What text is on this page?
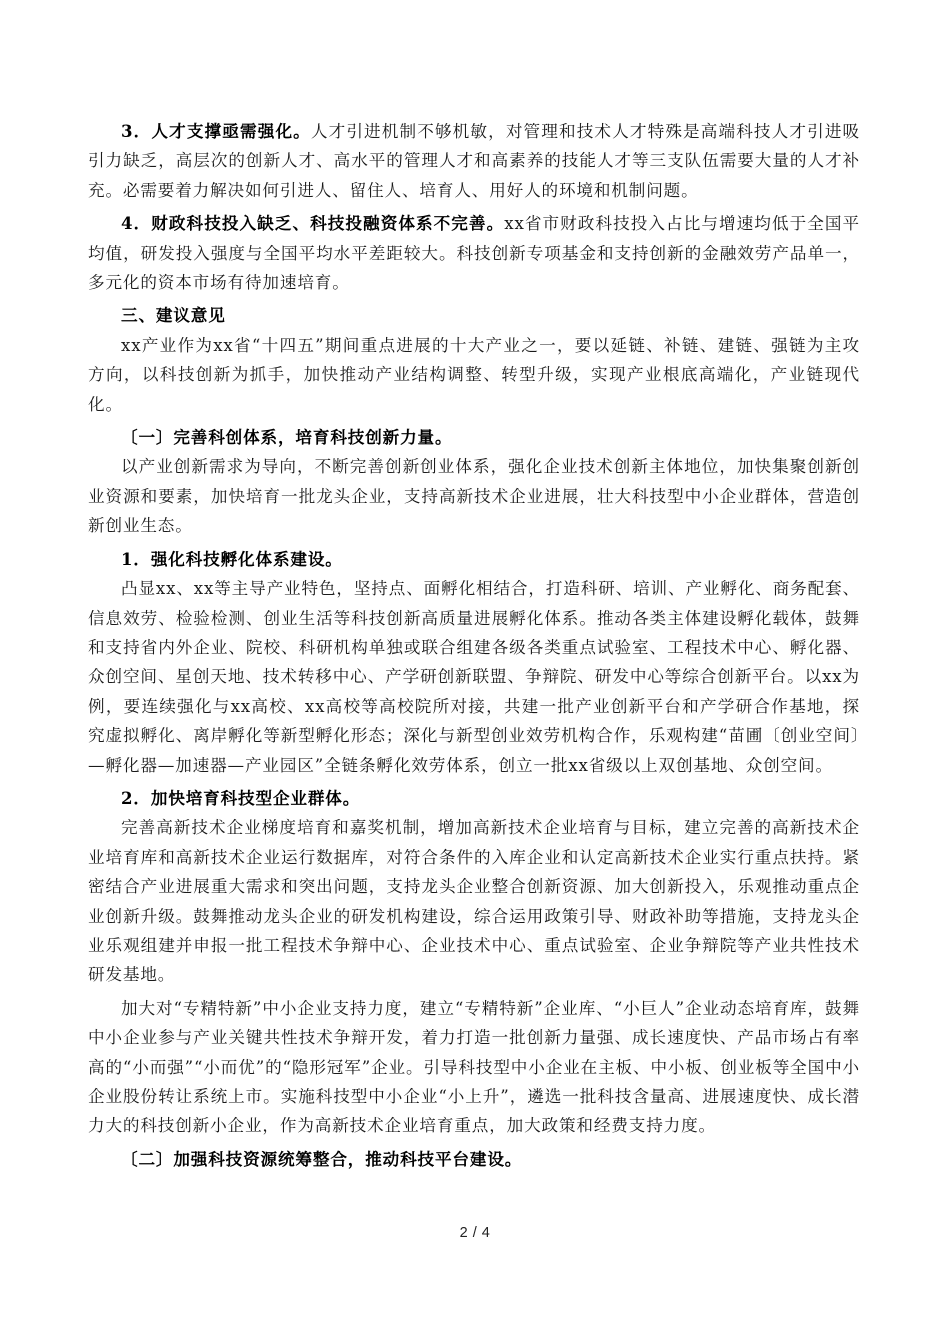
3．人才支撑亟需强化。人才引进机制不够机敏，对管理和技术人才特殊是高端科技人才引进吸引力缺乏，高层次的创新人才、高水平的管理人才和高素养的技能人才等三支队伍需要大量的人才补充。必需要着力解决如何引进人、留住人、培育人、用好人的环境和机制问题。

4．财政科技投入缺乏、科技投融资体系不完善。xx省市财政科技投入占比与增速均低于全国平均值，研发投入强度与全国平均水平差距较大。科技创新专项基金和支持创新的金融效劳产品单一，多元化的资本市场有待加速培育。

三、建议意见

xx产业作为xx省“十四五”期间重点进展的十大产业之一，要以延链、补链、建链、强链为主攻方向，以科技创新为抓手，加快推动产业结构调整、转型升级，实现产业根底高端化，产业链现代化。

〔一〕完善科创体系，培育科技创新力量。

以产业创新需求为导向，不断完善创新创业体系，强化企业技术创新主体地位，加快集聚创新创业资源和要素，加快培育一批龙头企业，支持高新技术企业进展，壮大科技型中小企业群体，营造创新创业生态。

1．强化科技孵化体系建设。

凸显xx、xx等主导产业特色，坚持点、面孵化相结合，打造科研、培训、产业孵化、商务配套、信息效劳、检验检测、创业生活等科技创新高质量进展孵化体系。推动各类主体建设孵化载体，鼓舞和支持省内外企业、院校、科研机构单独或联合组建各级各类重点试验室、工程技术中心、孵化器、众创空间、星创天地、技术转移中心、产学研创新联盟、争辩院、研发中心等综合创新平台。以xx为例，要连续强化与xx高校、xx高校等高校院所对接，共建一批产业创新平台和产学研合作基地，探究虚拟孵化、离岸孵化等新型孵化形态；深化与新型创业效劳机构合作，乐观构建“苗圃〔创业空间〕—孵化器—加速器—产业园区”全链条孵化效劳体系，创立一批xx省级以上双创基地、众创空间。

2．加快培育科技型企业群体。

完善高新技术企业梯度培育和嘉奖机制，增加高新技术企业培育与目标，建立完善的高新技术企业培育库和高新技术企业运行数据库，对符合条件的入库企业和认定高新技术企业实行重点扶持。紧密结合产业进展重大需求和突出问题，支持龙头企业整合创新资源、加大创新投入，乐观推动重点企业创新升级。鼓舞推动龙头企业的研发机构建设，综合运用政策引导、财政补助等措施，支持龙头企业乐观组建并申报一批工程技术争辩中心、企业技术中心、重点试验室、企业争辩院等产业共性技术研发基地。

加大对“专精特新”中小企业支持力度，建立“专精特新”企业库、“小巨人”企业动态培育库，鼓舞中小企业参与产业关键共性技术争辩开发，着力打造一批创新力量强、成长速度快、产品市场占有率高的“小而强”“小而优”的“隐形冠军”企业。引导科技型中小企业在主板、中小板、创业板等全国中小企业股份转让系统上市。实施科技型中小企业“小上升”，遴选一批科技含量高、进展速度快、成长潜力大的科技创新小企业，作为高新技术企业培育重点，加大政策和经费支持力度。

〔二〕加强科技资源统筹整合，推动科技平台建设。

2 / 4
